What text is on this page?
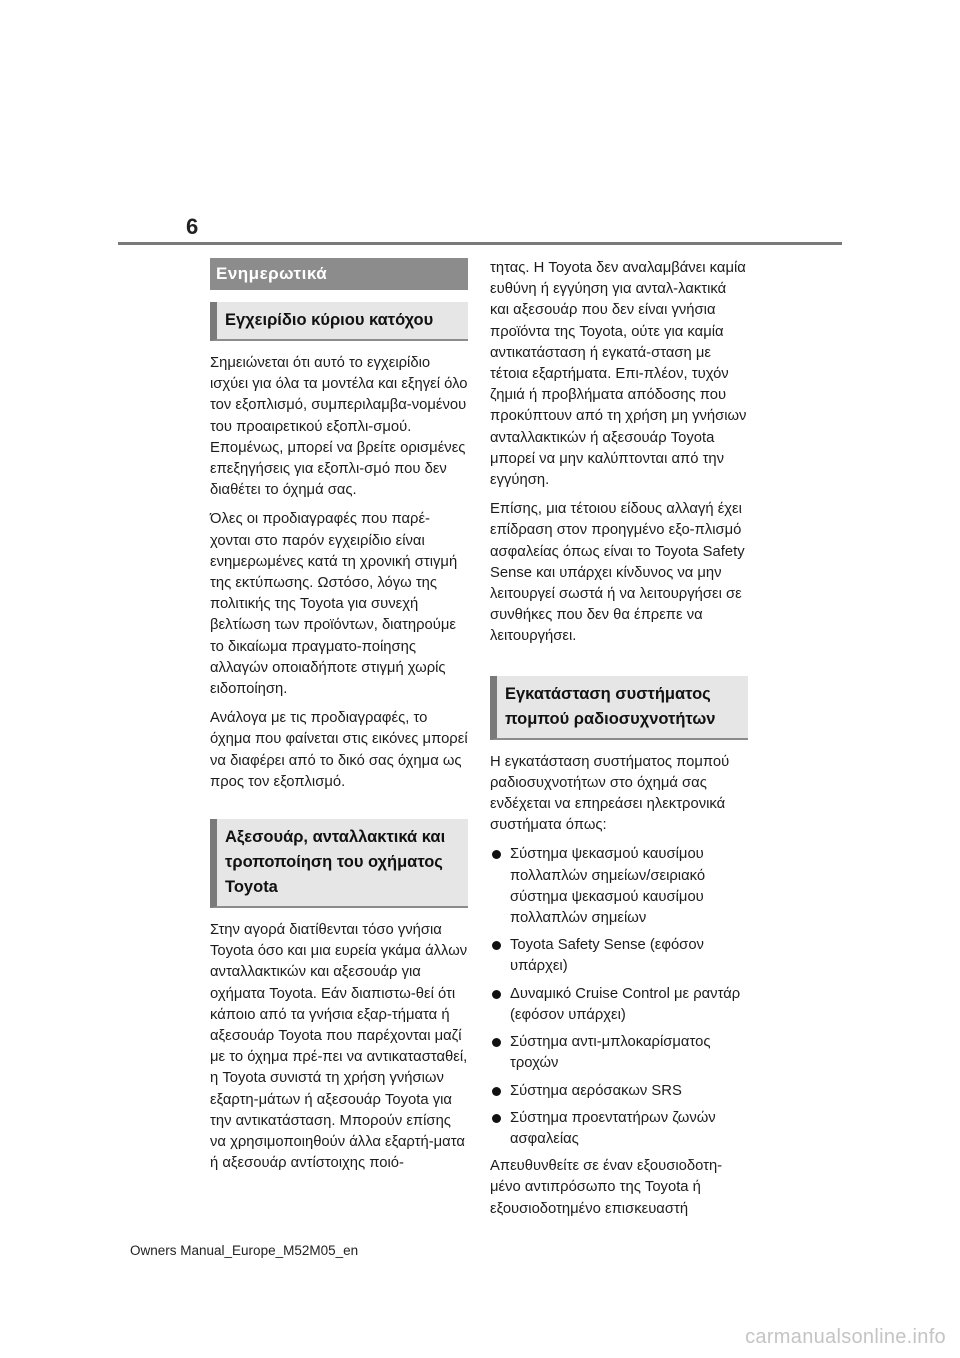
6
Ενημερωτικά
Εγχειρίδιο κύριου κατόχου

Σημειώνεται ότι αυτό το εγχειρίδιο ισχύει για όλα τα μοντέλα και εξηγεί όλο τον εξοπλισμό, συμπεριλαμβα-νομένου του προαιρετικού εξοπλι-σμού. Επομένως, μπορεί να βρείτε ορισμένες επεξηγήσεις για εξοπλι-σμό που δεν διαθέτει το όχημά σας.

Όλες οι προδιαγραφές που παρέ-χονται στο παρόν εγχειρίδιο είναι ενημερωμένες κατά τη χρονική στιγμή της εκτύπωσης. Ωστόσο, λόγω της πολιτικής της Toyota για συνεχή βελτίωση των προϊόντων, διατηρούμε το δικαίωμα πραγματο-ποίησης αλλαγών οποιαδήποτε στιγμή χωρίς ειδοποίηση.

Ανάλογα με τις προδιαγραφές, το όχημα που φαίνεται στις εικόνες μπορεί να διαφέρει από το δικό σας όχημα ως προς τον εξοπλισμό.

Αξεσουάρ, ανταλλακτικά και τροποποίηση του οχήματος Toyota

Στην αγορά διατίθενται τόσο γνήσια Toyota όσο και μια ευρεία γκάμα άλλων ανταλλακτικών και αξεσουάρ για οχήματα Toyota. Εάν διαπιστω-θεί ότι κάποιο από τα γνήσια εξαρ-τήματα ή αξεσουάρ Toyota που παρέχονται μαζί με το όχημα πρέ-πει να αντικατασταθεί, η Toyota συνιστά τη χρήση γνήσιων εξαρτη-μάτων ή αξεσουάρ Toyota για την αντικατάσταση. Μπορούν επίσης να χρησιμοποιηθούν άλλα εξαρτή-ματα ή αξεσουάρ αντίστοιχης ποιό-

τητας. Η Toyota δεν αναλαμβάνει καμία ευθύνη ή εγγύηση για ανταλ-λακτικά και αξεσουάρ που δεν είναι γνήσια προϊόντα της Toyota, ούτε για καμία αντικατάσταση ή εγκατά-σταση με τέτοια εξαρτήματα. Επι-πλέον, τυχόν ζημιά ή προβλήματα απόδοσης που προκύπτουν από τη χρήση μη γνήσιων ανταλλακτικών ή αξεσουάρ Toyota μπορεί να μην καλύπτονται από την εγγύηση.

Επίσης, μια τέτοιου είδους αλλαγή έχει επίδραση στον προηγμένο εξο-πλισμό ασφαλείας όπως είναι το Toyota Safety Sense και υπάρχει κίνδυνος να μην λειτουργεί σωστά ή να λειτουργήσει σε συνθήκες που δεν θα έπρεπε να λειτουργήσει.

Εγκατάσταση συστήματος πομπού ραδιοσυχνοτήτων

Η εγκατάσταση συστήματος πομπού ραδιοσυχνοτήτων στο όχημά σας ενδέχεται να επηρεάσει ηλεκτρονικά συστήματα όπως:

Σύστημα ψεκασμού καυσίμου πολλαπλών σημείων/σειριακό σύστημα ψεκασμού καυσίμου πολλαπλών σημείων
Toyota Safety Sense (εφόσον υπάρχει)
Δυναμικό Cruise Control με ραντάρ (εφόσον υπάρχει)
Σύστημα αντι-μπλοκαρίσματος τροχών
Σύστημα αερόσακων SRS
Σύστημα προεντατήρων ζωνών ασφαλείας

Απευθυνθείτε σε έναν εξουσιοδοτη-μένο αντιπρόσωπο της Toyota ή εξουσιοδοτημένο επισκευαστή

Owners Manual_Europe_M52M05_en
carmanualsonline.info
